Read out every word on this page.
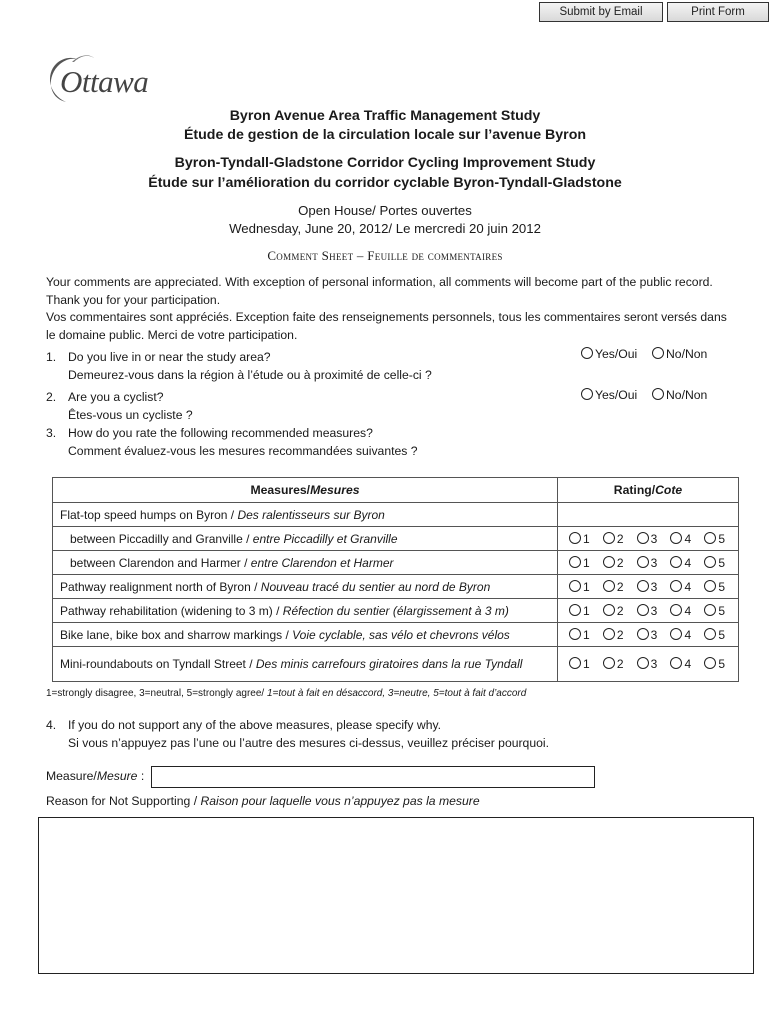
Submit by Email	Print Form
Ottawa
Byron Avenue Area Traffic Management Study
Étude de gestion de la circulation locale sur l’avenue Byron
Byron-Tyndall-Gladstone Corridor Cycling Improvement Study
Étude sur l’amélioration du corridor cyclable Byron-Tyndall-Gladstone
Open House/ Portes ouvertes
Wednesday, June 20, 2012/ Le mercredi 20 juin 2012
Comment Sheet – Feuille de commentaires
Your comments are appreciated. With exception of personal information, all comments will become part of the public record. Thank you for your participation.
Vos commentaires sont appréciés. Exception faite des renseignements personnels, tous les commentaires seront versés dans le domaine public. Merci de votre participation.
1. Do you live in or near the study area?
Demeurez-vous dans la région à l’étude ou à proximité de celle-ci ?
Yes/Oui	No/Non
2. Are you a cyclist?
Êtes-vous un cycliste ?
Yes/Oui	No/Non
3. How do you rate the following recommended measures?
Comment évaluez-vous les mesures recommandées suivantes ?
Measures/Mesures	Rating/Cote
Flat-top speed humps on Byron / Des ralentisseurs sur Byron	
between Piccadilly and Granville / entre Piccadilly et Granville	1 2 3 4 5

between Clarendon and Harmer / entre Clarendon et Harmer	1 2 3 4 5

Pathway realignment north of Byron / Nouveau tracé du sentier au nord de Byron	1 2 3 4 5

Pathway rehabilitation (widening to 3 m) / Réfection du sentier (élargissement à 3 m)	1 2 3 4 5

Bike lane, bike box and sharrow markings / Voie cyclable, sas vélo et chevrons vélos	1 2 3 4 5

Mini-roundabouts on Tyndall Street / Des minis carrefours giratoires dans la rue Tyndall	1 2 3 4 5
1=strongly disagree, 3=neutral, 5=strongly agree/ 1=tout à fait en désaccord, 3=neutre, 5=tout à fait d’accord
4. If you do not support any of the above measures, please specify why.
Si vous n’appuyez pas l’une ou l’autre des mesures ci-dessus, veuillez préciser pourquoi.
Measure/Mesure :
Reason for Not Supporting / Raison pour laquelle vous n’appuyez pas la mesure
